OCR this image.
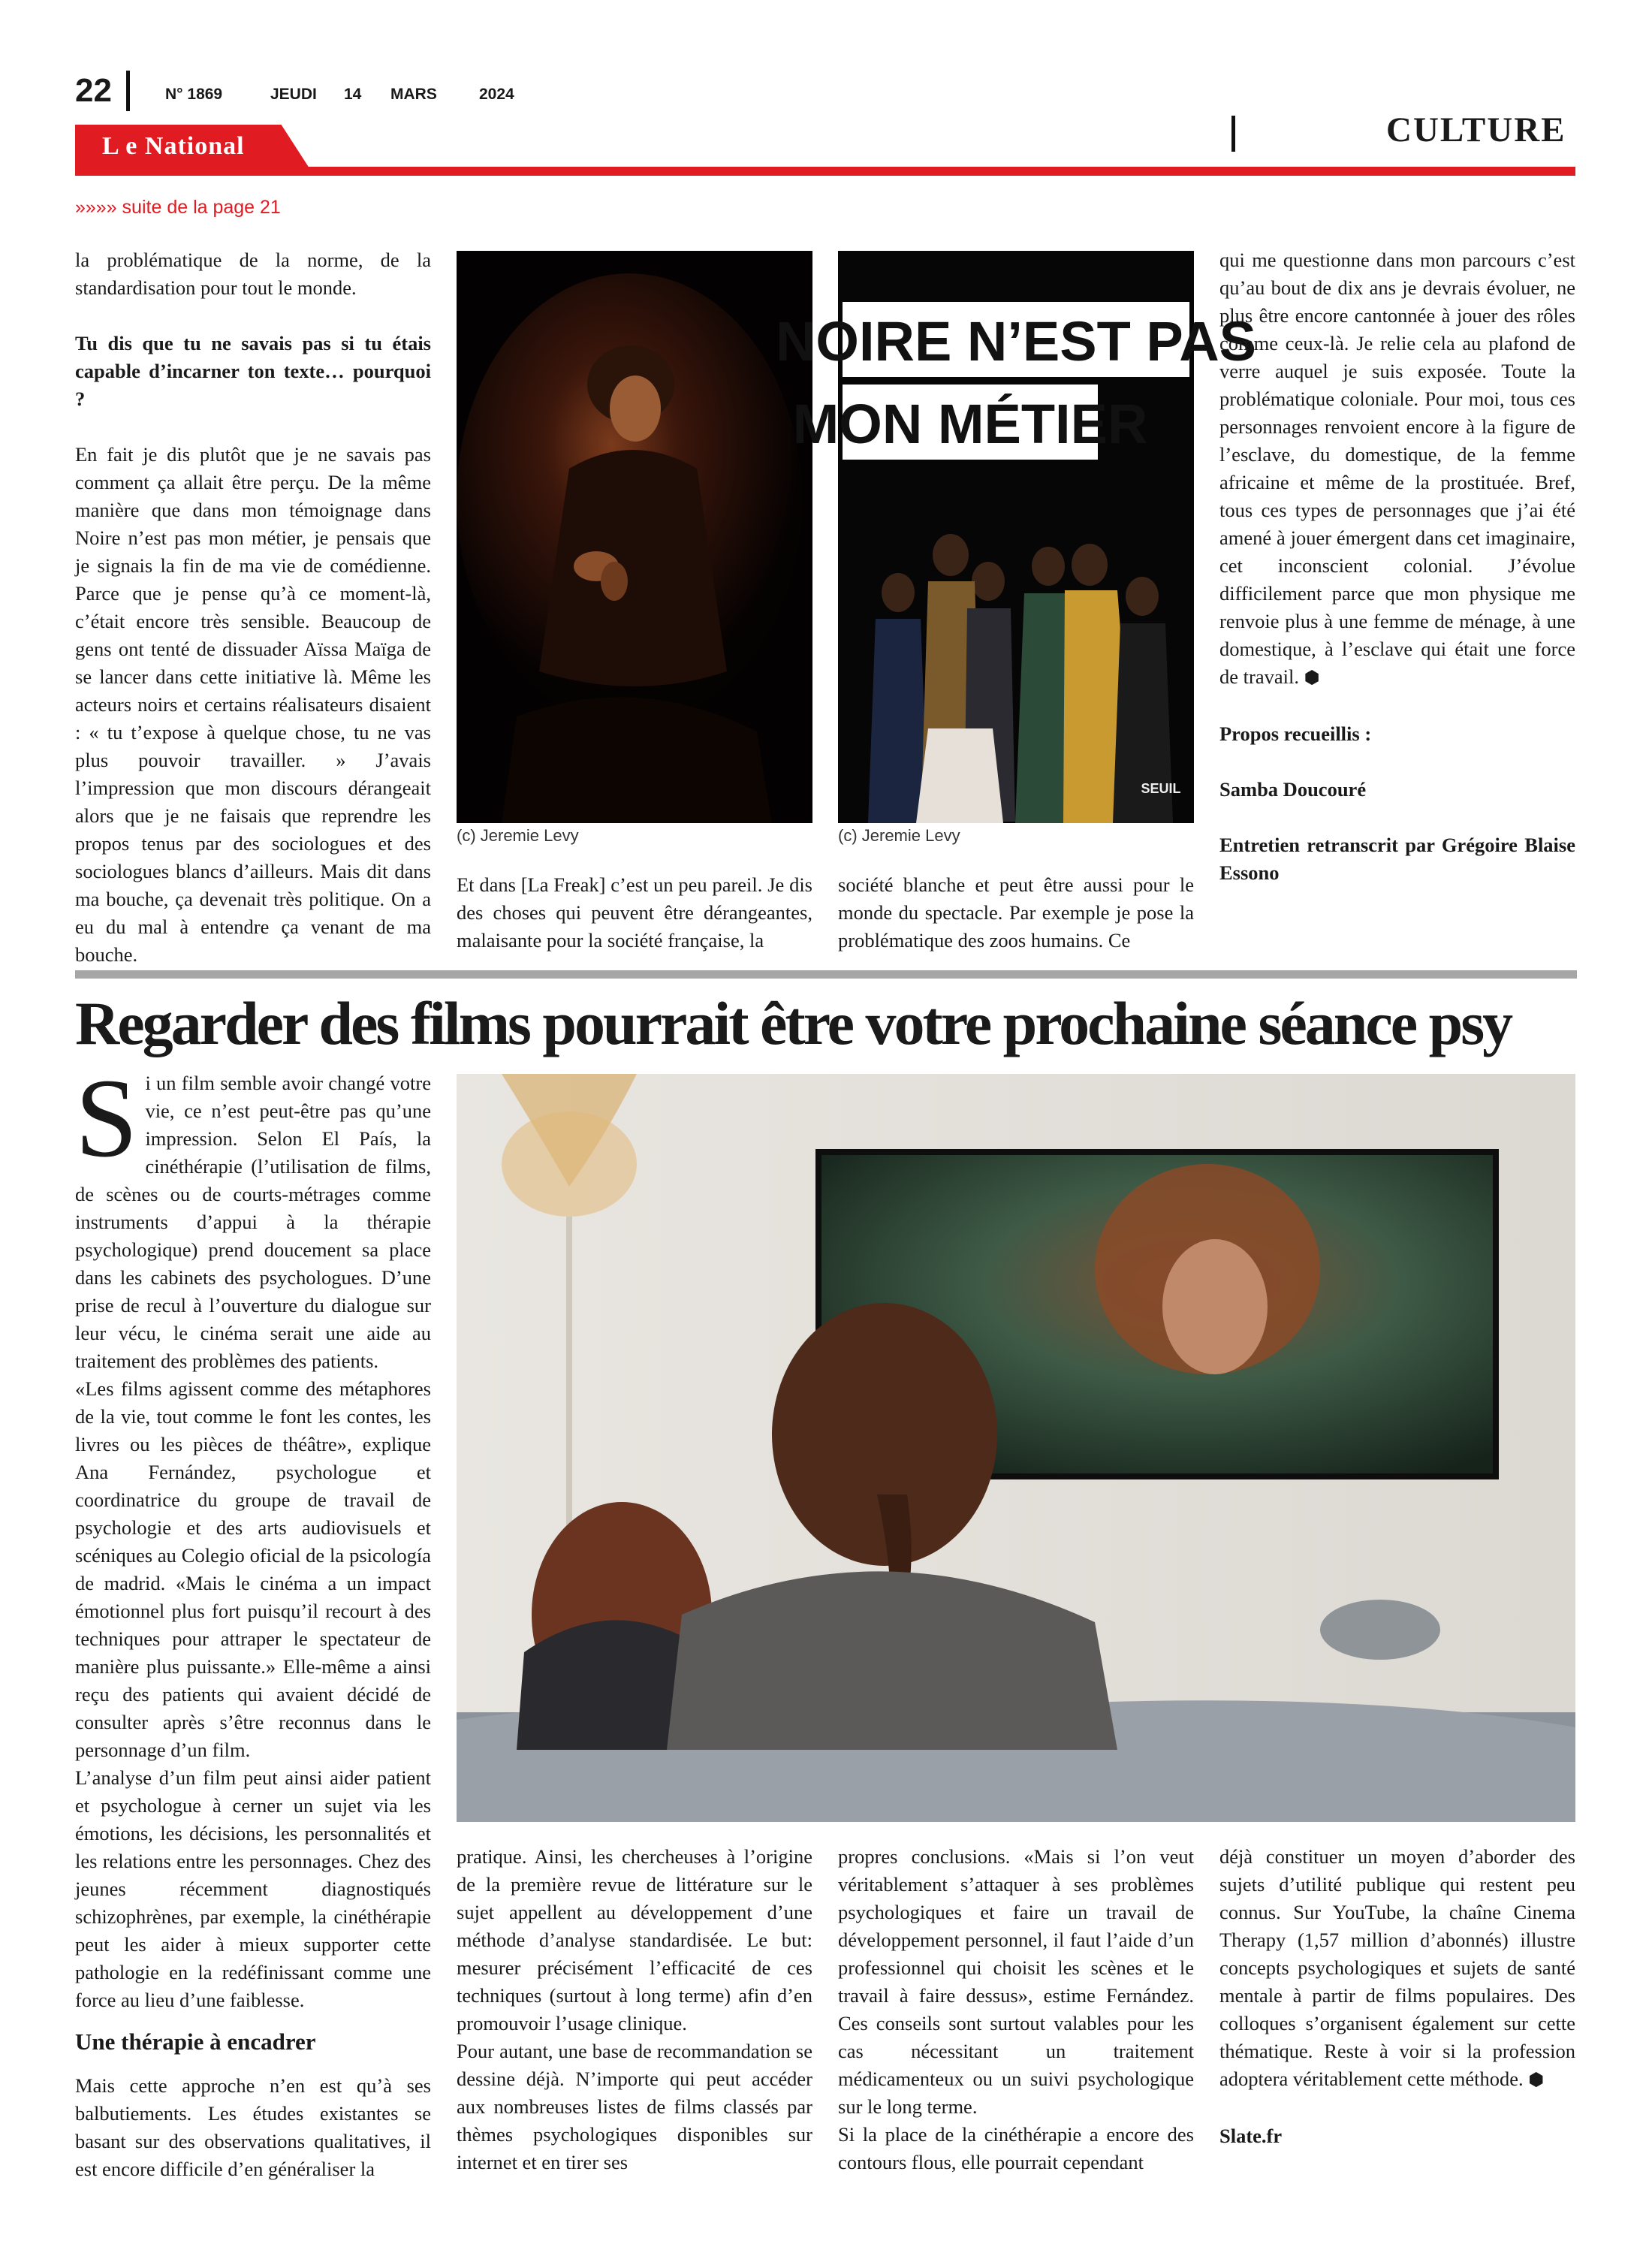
22	N° 1869	JEUDI 14 MARS	2024
L e National	CULTURE
»»»» suite de la page 21

la problématique de la norme, de la standardisation pour tout le monde.

Tu dis que tu ne savais pas si tu étais capable d’incarner ton texte… pourquoi ?

En fait je dis plutôt que je ne savais pas comment ça allait être perçu. De la même manière que dans mon témoignage dans Noire n’est pas mon métier, je pensais que je signais la fin de ma vie de comédienne. Parce que je pense qu’à ce moment-là, c’était encore très sensible. Beaucoup de gens ont tenté de dissuader Aïssa Maïga de se lancer dans cette initiative là. Même les acteurs noirs et certains réalisateurs disaient : « tu t’expose à quelque chose, tu ne vas plus pouvoir travailler. » J’avais l’impression que mon discours dérangeait alors que je ne faisais que reprendre les propos tenus par des sociologues et des sociologues blancs d’ailleurs. Mais dit dans ma bouche, ça devenait très politique. On a eu du mal à entendre ça venant de ma bouche.

(c) Jeremie Levy
NOIRE N’EST PAS
MON MÉTIER
SEUIL
(c) Jeremie Levy

Et dans [La Freak] c’est un peu pareil. Je dis des choses qui peuvent être dérangeantes, malaisante pour la société française, la

société blanche et peut être aussi pour le monde du spectacle. Par exemple je pose la problématique des zoos humains. Ce

qui me questionne dans mon parcours c’est qu’au bout de dix ans je devrais évoluer, ne plus être encore cantonnée à jouer des rôles comme ceux-là. Je relie cela au plafond de verre auquel je suis exposée. Toute la problématique coloniale. Pour moi, tous ces personnages renvoient encore à la figure de l’esclave, du domestique, de la femme africaine et même de la prostituée. Bref, tous ces types de personnages que j’ai été amené à jouer émergent dans cet imaginaire, cet inconscient colonial. J’évolue difficilement parce que mon physique me renvoie plus à une femme de ménage, à une domestique, à l’esclave qui était une force de travail. ⬢

Propos recueillis :

Samba Doucouré

Entretien retranscrit par Grégoire Blaise Essono

Regarder des films pourrait être votre prochaine séance psy

Si un film semble avoir changé votre vie, ce n’est peut-être pas qu’une impression. Selon El País, la cinéthérapie (l’utilisation de films, de scènes ou de courts-métrages comme instruments d’appui à la thérapie psychologique) prend doucement sa place dans les cabinets des psychologues. D’une prise de recul à l’ouverture du dialogue sur leur vécu, le cinéma serait une aide au traitement des problèmes des patients.

«Les films agissent comme des métaphores de la vie, tout comme le font les contes, les livres ou les pièces de théâtre», explique Ana Fernández, psychologue et coordinatrice du groupe de travail de psychologie et des arts audiovisuels et scéniques au Colegio oficial de la psicología de madrid. «Mais le cinéma a un impact émotionnel plus fort puisqu’il recourt à des techniques pour attraper le spectateur de manière plus puissante.» Elle-même a ainsi reçu des patients qui avaient décidé de consulter après s’être reconnus dans le personnage d’un film.

L’analyse d’un film peut ainsi aider patient et psychologue à cerner un sujet via les émotions, les décisions, les personnalités et les relations entre les personnages. Chez des jeunes récemment diagnostiqués schizophrènes, par exemple, la cinéthérapie peut les aider à mieux supporter cette pathologie en la redéfinissant comme une force au lieu d’une faiblesse.

Une thérapie à encadrer

Mais cette approche n’en est qu’à ses balbutiements. Les études existantes se basant sur des observations qualitatives, il est encore difficile d’en généraliser la

pratique. Ainsi, les chercheuses à l’origine de la première revue de littérature sur le sujet appellent au développement d’une méthode d’analyse standardisée. Le but: mesurer précisément l’efficacité de ces techniques (surtout à long terme) afin d’en promouvoir l’usage clinique.

Pour autant, une base de recommandation se dessine déjà. N’importe qui peut accéder aux nombreuses listes de films classés par thèmes psychologiques disponibles sur internet et en tirer ses

propres conclusions. «Mais si l’on veut véritablement s’attaquer à ses problèmes psychologiques et faire un travail de développement personnel, il faut l’aide d’un professionnel qui choisit les scènes et le travail à faire dessus», estime Fernández. Ces conseils sont surtout valables pour les cas nécessitant un traitement médicamenteux ou un suivi psychologique sur le long terme.

Si la place de la cinéthérapie a encore des contours flous, elle pourrait cependant

déjà constituer un moyen d’aborder des sujets d’utilité publique qui restent peu connus. Sur YouTube, la chaîne Cinema Therapy (1,57 million d’abonnés) illustre concepts psychologiques et sujets de santé mentale à partir de films populaires. Des colloques s’organisent également sur cette thématique. Reste à voir si la profession adoptera véritablement cette méthode. ⬢

Slate.fr
